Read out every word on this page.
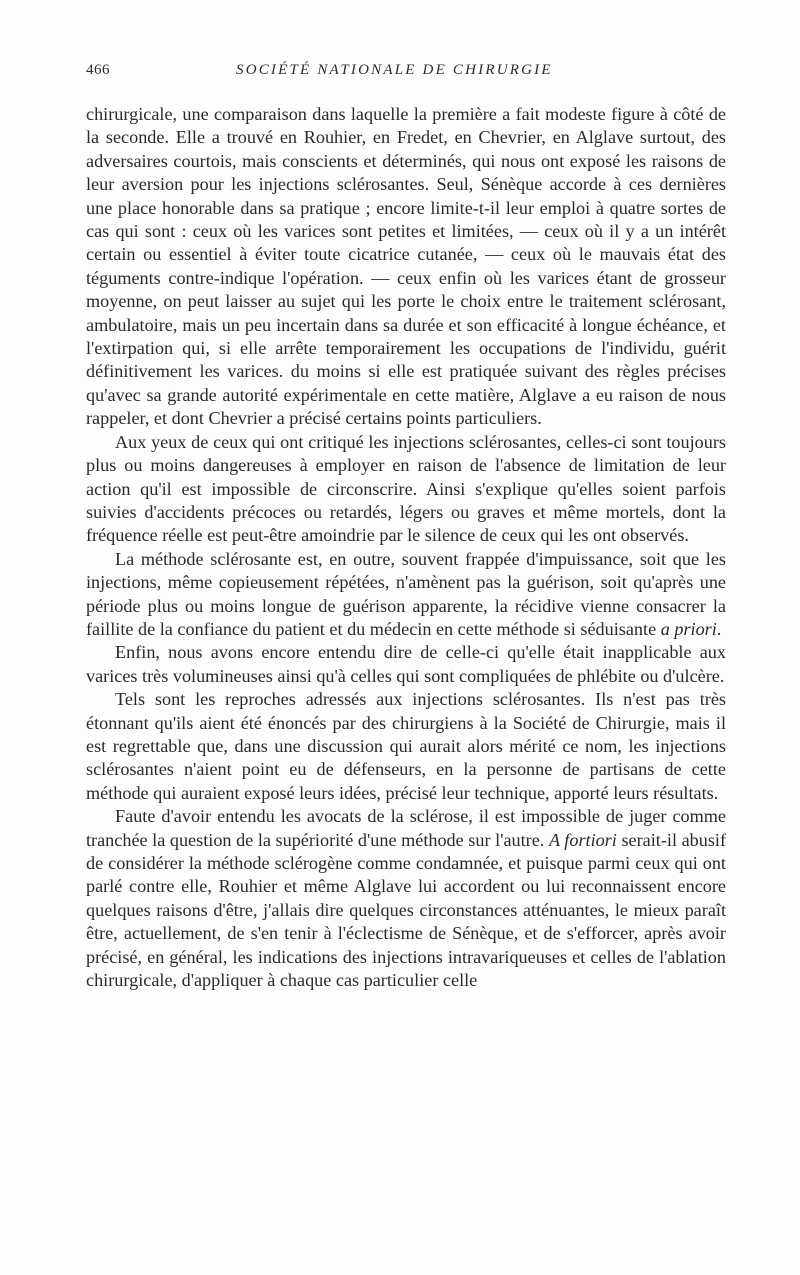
466	SOCIÉTÉ NATIONALE DE CHIRURGIE

chirurgicale, une comparaison dans laquelle la première a fait modeste figure à côté de la seconde. Elle a trouvé en Rouhier, en Fredet, en Chevrier, en Alglave surtout, des adversaires courtois, mais conscients et déterminés, qui nous ont exposé les raisons de leur aversion pour les injections sclérosantes. Seul, Sénèque accorde à ces dernières une place honorable dans sa pratique ; encore limite-t-il leur emploi à quatre sortes de cas qui sont : ceux où les varices sont petites et limitées, — ceux où il y a un intérêt certain ou essentiel à éviter toute cicatrice cutanée, — ceux où le mauvais état des téguments contre-indique l'opération. — ceux enfin où les varices étant de grosseur moyenne, on peut laisser au sujet qui les porte le choix entre le traitement sclérosant, ambulatoire, mais un peu incertain dans sa durée et son efficacité à longue échéance, et l'extirpation qui, si elle arrête temporairement les occupations de l'individu, guérit définitivement les varices. du moins si elle est pratiquée suivant des règles précises qu'avec sa grande autorité expérimentale en cette matière, Alglave a eu raison de nous rappeler, et dont Chevrier a précisé certains points particuliers.

Aux yeux de ceux qui ont critiqué les injections sclérosantes, celles-ci sont toujours plus ou moins dangereuses à employer en raison de l'absence de limitation de leur action qu'il est impossible de circonscrire. Ainsi s'explique qu'elles soient parfois suivies d'accidents précoces ou retardés, légers ou graves et même mortels, dont la fréquence réelle est peut-être amoindrie par le silence de ceux qui les ont observés.

La méthode sclérosante est, en outre, souvent frappée d'impuissance, soit que les injections, même copieusement répétées, n'amènent pas la guérison, soit qu'après une période plus ou moins longue de guérison apparente, la récidive vienne consacrer la faillite de la confiance du patient et du médecin en cette méthode si séduisante a priori.

Enfin, nous avons encore entendu dire de celle-ci qu'elle était inapplicable aux varices très volumineuses ainsi qu'à celles qui sont compliquées de phlébite ou d'ulcère.

Tels sont les reproches adressés aux injections sclérosantes. Ils n'est pas très étonnant qu'ils aient été énoncés par des chirurgiens à la Société de Chirurgie, mais il est regrettable que, dans une discussion qui aurait alors mérité ce nom, les injections sclérosantes n'aient point eu de défenseurs, en la personne de partisans de cette méthode qui auraient exposé leurs idées, précisé leur technique, apporté leurs résultats.

Faute d'avoir entendu les avocats de la sclérose, il est impossible de juger comme tranchée la question de la supériorité d'une méthode sur l'autre. A fortiori serait-il abusif de considérer la méthode sclérogène comme condamnée, et puisque parmi ceux qui ont parlé contre elle, Rouhier et même Alglave lui accordent ou lui reconnaissent encore quelques raisons d'être, j'allais dire quelques circonstances atténuantes, le mieux paraît être, actuellement, de s'en tenir à l'éclectisme de Sénèque, et de s'efforcer, après avoir précisé, en général, les indications des injections intravariqueuses et celles de l'ablation chirurgicale, d'appliquer à chaque cas particulier celle
